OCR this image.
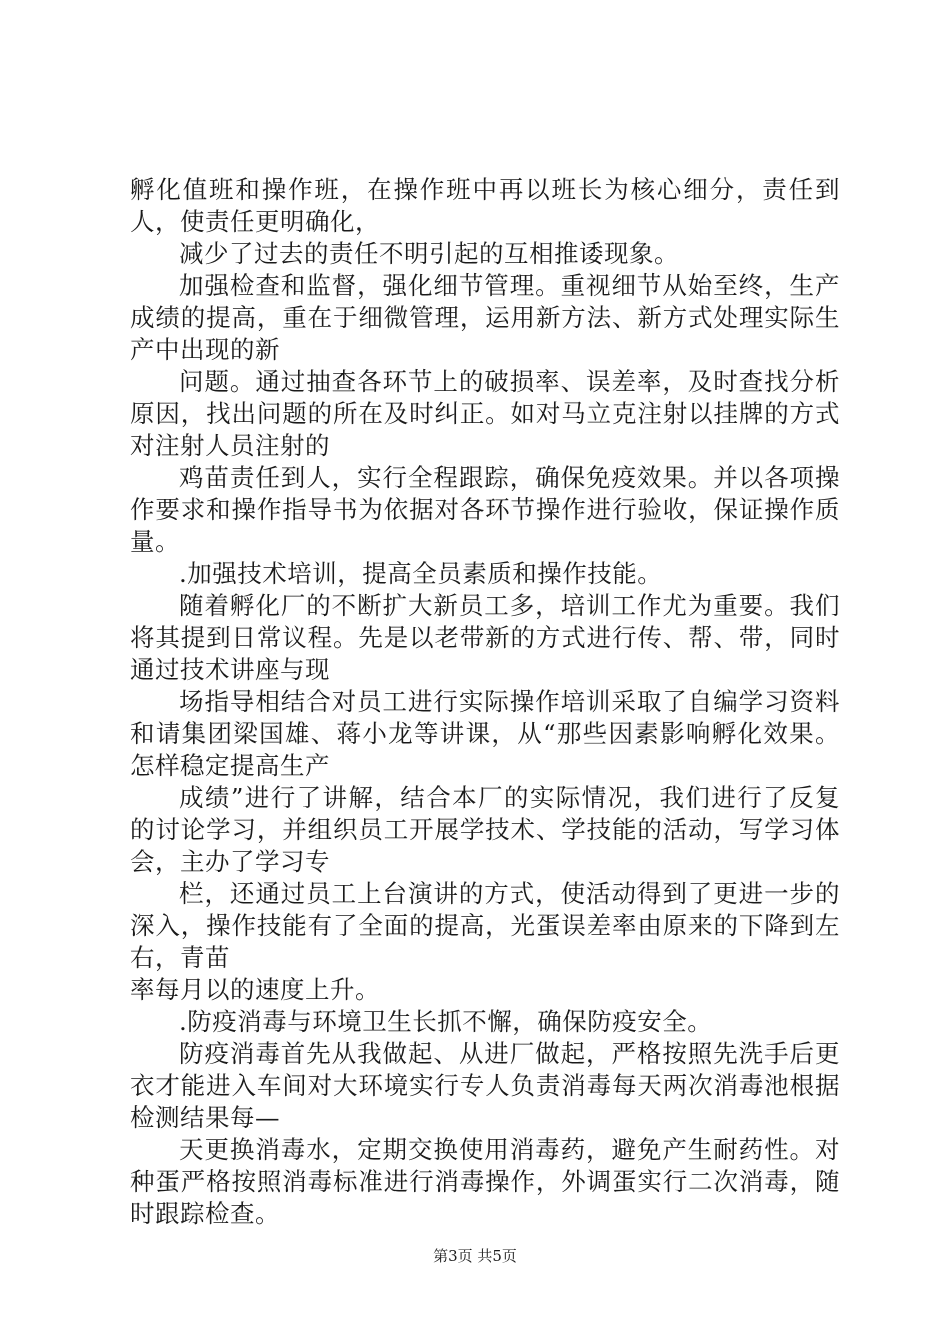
孵化值班和操作班，在操作班中再以班长为核心细分，责任到人，使责任更明确化，

减少了过去的责任不明引起的互相推诿现象。

加强检查和监督，强化细节管理。重视细节从始至终，生产成绩的提高，重在于细微管理，运用新方法、新方式处理实际生产中出现的新

问题。通过抽查各环节上的破损率、误差率，及时查找分析原因，找出问题的所在及时纠正。如对马立克注射以挂牌的方式对注射人员注射的

鸡苗责任到人，实行全程跟踪，确保免疫效果。并以各项操作要求和操作指导书为依据对各环节操作进行验收，保证操作质量。

.加强技术培训，提高全员素质和操作技能。

随着孵化厂的不断扩大新员工多，培训工作尤为重要。我们将其提到日常议程。先是以老带新的方式进行传、帮、带，同时通过技术讲座与现

场指导相结合对员工进行实际操作培训采取了自编学习资料和请集团梁国雄、蒋小龙等讲课，从“那些因素影响孵化效果。怎样稳定提高生产

成绩”进行了讲解，结合本厂的实际情况，我们进行了反复的讨论学习，并组织员工开展学技术、学技能的活动，写学习体会，主办了学习专

栏，还通过员工上台演讲的方式，使活动得到了更进一步的深入，操作技能有了全面的提高，光蛋误差率由原来的下降到左右，青苗

率每月以的速度上升。

.防疫消毒与环境卫生长抓不懈，确保防疫安全。

防疫消毒首先从我做起、从进厂做起，严格按照先洗手后更衣才能进入车间对大环境实行专人负责消毒每天两次消毒池根据检测结果每—

天更换消毒水，定期交换使用消毒药，避免产生耐药性。对种蛋严格按照消毒标准进行消毒操作，外调蛋实行二次消毒，随时跟踪检查。

第3页 共5页
